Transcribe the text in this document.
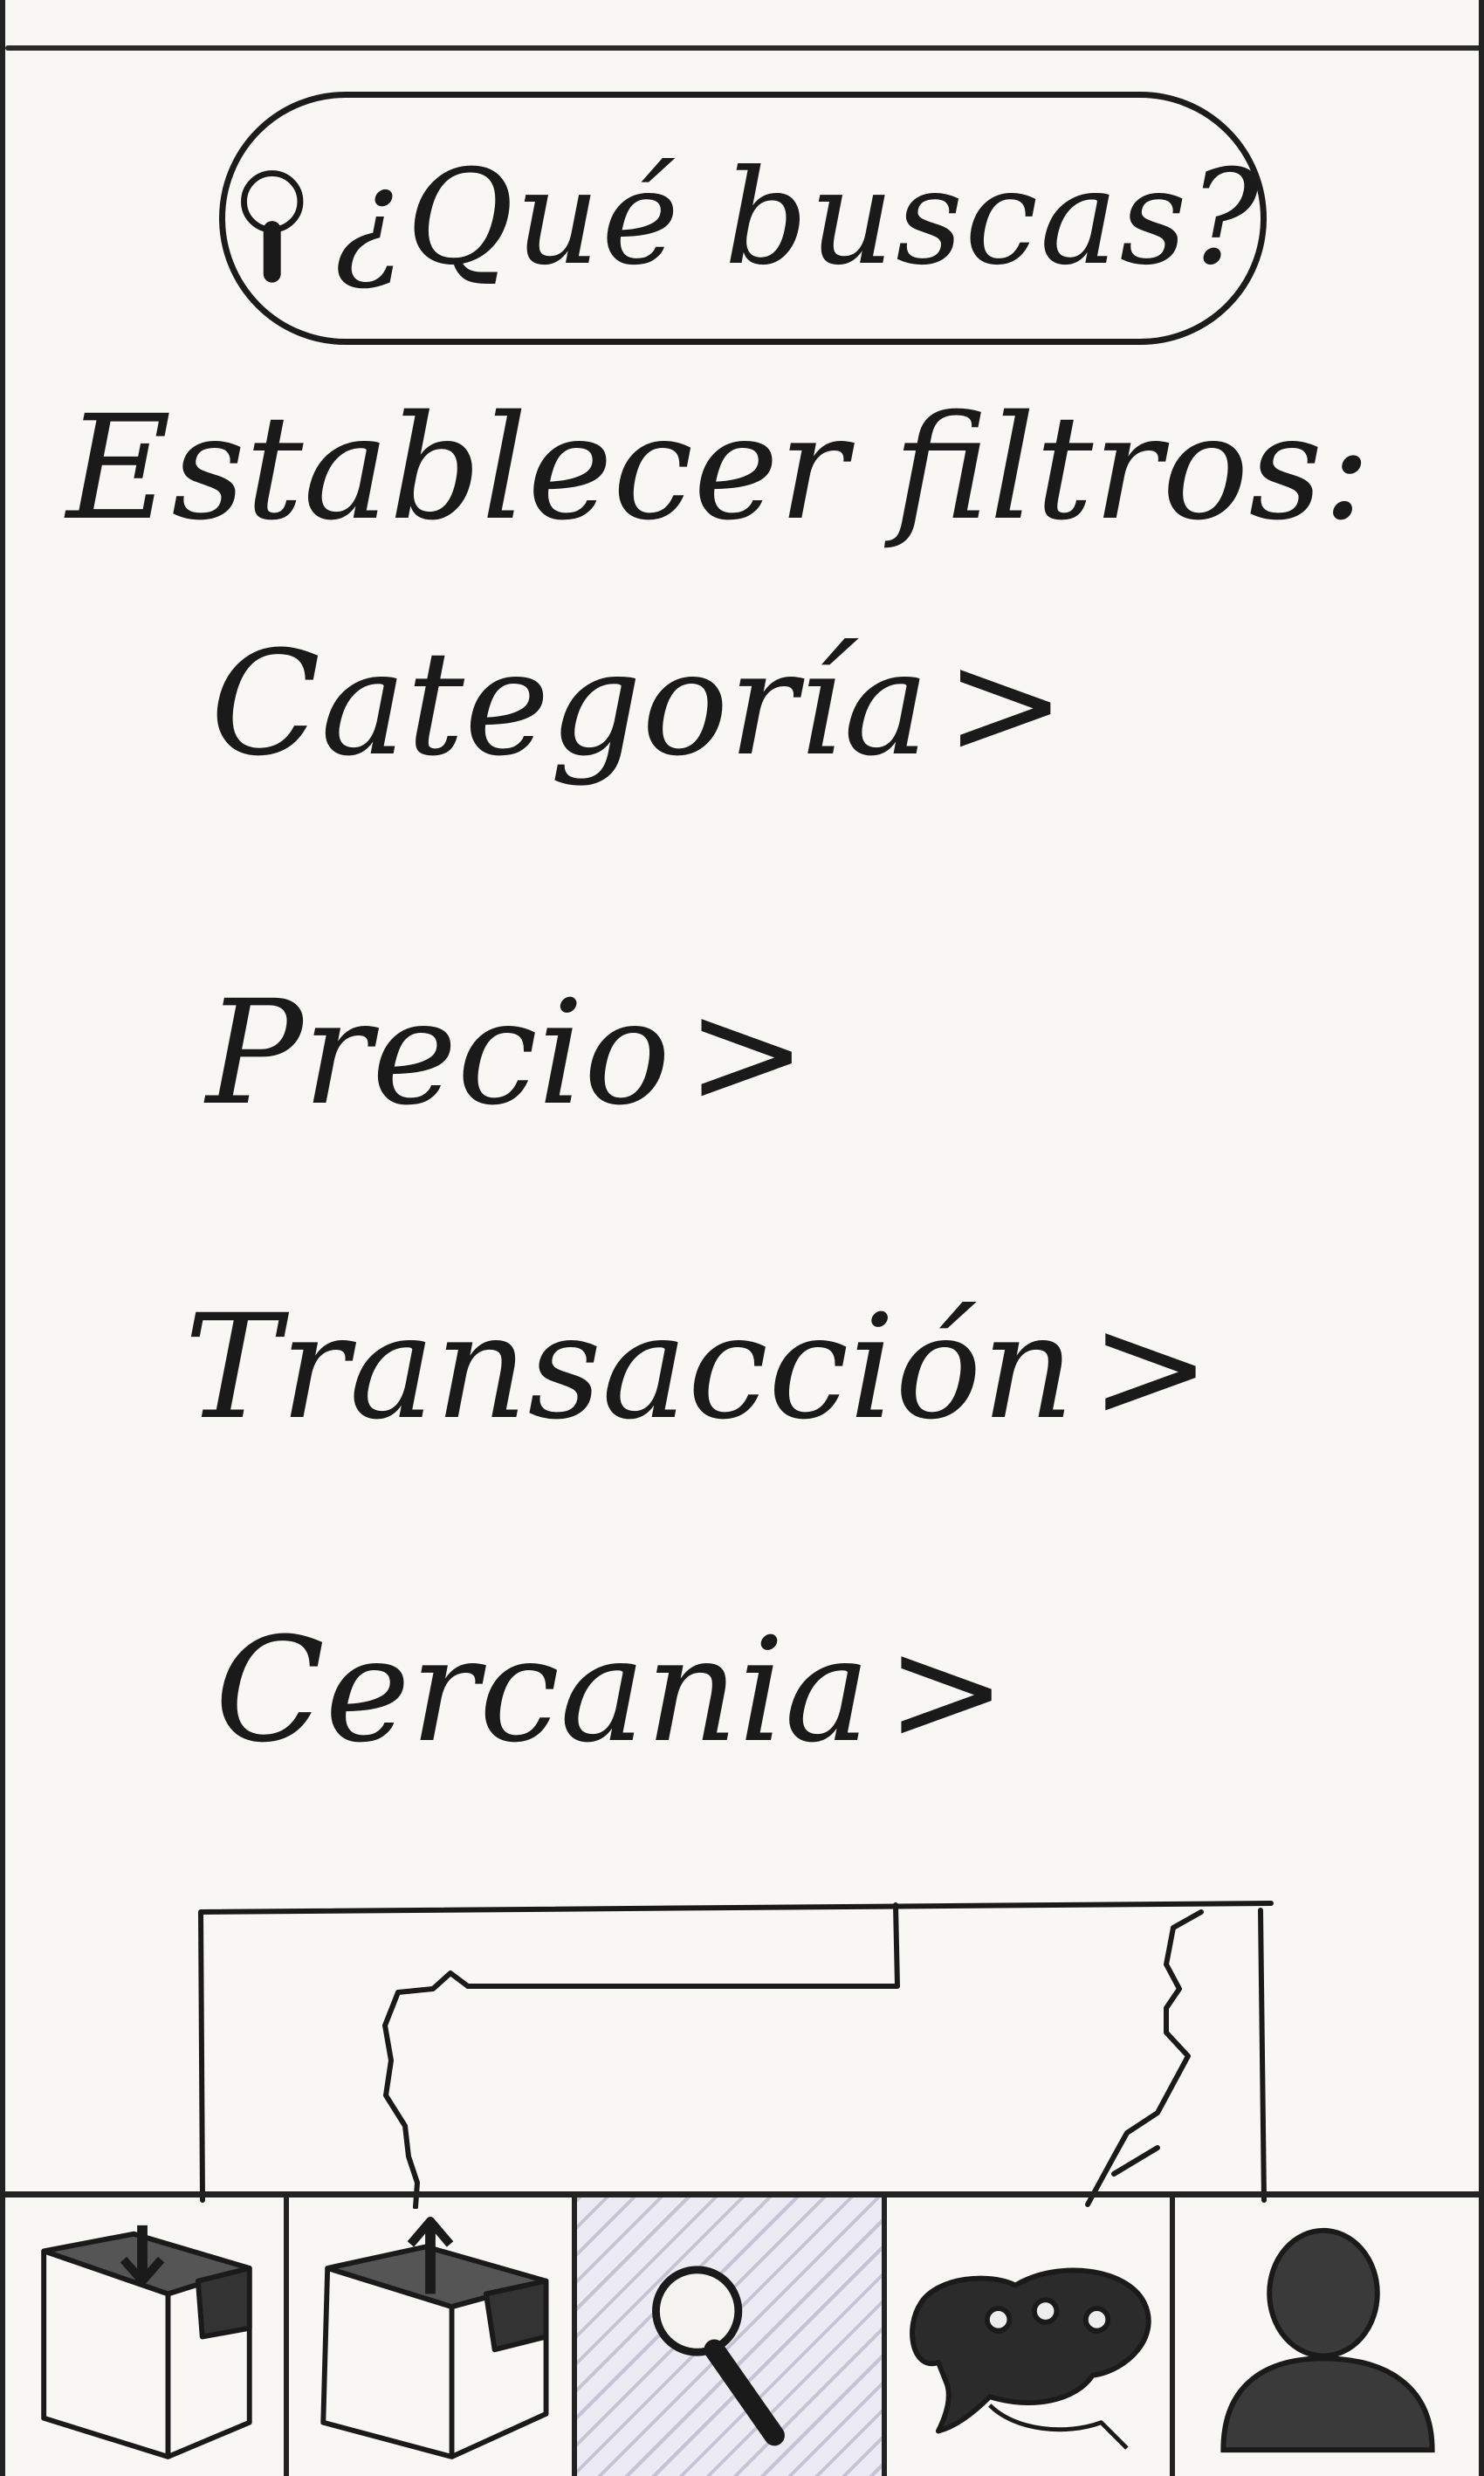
¿Qué buscas?
Establecer filtros:
Categoría >
Precio >
Transacción >
Cercania >
